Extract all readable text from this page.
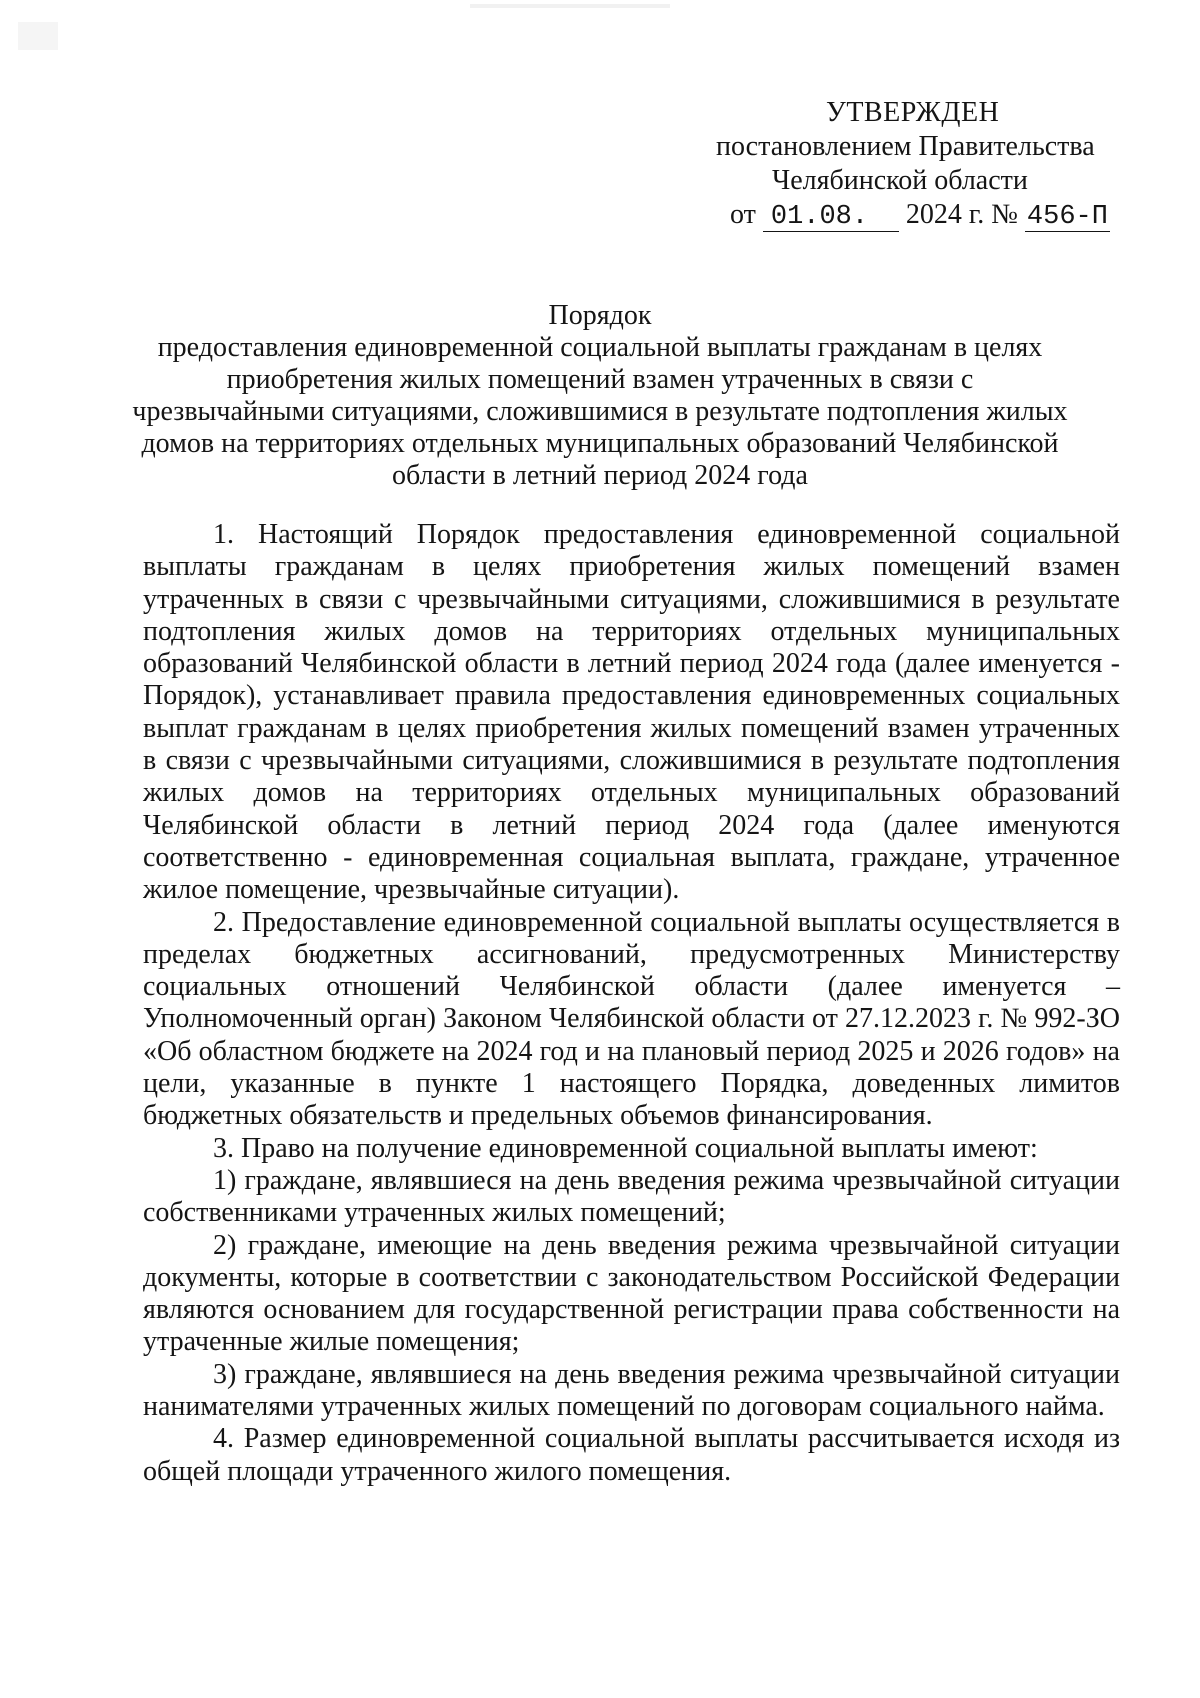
УТВЕРЖДЕН
постановлением Правительства
Челябинской области
от 01.08. 2024 г. № 456-П
Порядок
предоставления единовременной социальной выплаты гражданам в целях приобретения жилых помещений взамен утраченных в связи с чрезвычайными ситуациями, сложившимися в результате подтопления жилых домов на территориях отдельных муниципальных образований Челябинской области в летний период 2024 года

1. Настоящий Порядок предоставления единовременной социальной выплаты гражданам в целях приобретения жилых помещений взамен утраченных в связи с чрезвычайными ситуациями, сложившимися в результате подтопления жилых домов на территориях отдельных муниципальных образований Челябинской области в летний период 2024 года (далее именуется - Порядок), устанавливает правила предоставления единовременных социальных выплат гражданам в целях приобретения жилых помещений взамен утраченных в связи с чрезвычайными ситуациями, сложившимися в результате подтопления жилых домов на территориях отдельных муниципальных образований Челябинской области в летний период 2024 года (далее именуются соответственно - единовременная социальная выплата, граждане, утраченное жилое помещение, чрезвычайные ситуации).

2. Предоставление единовременной социальной выплаты осуществляется в пределах бюджетных ассигнований, предусмотренных Министерству социальных отношений Челябинской области (далее именуется – Уполномоченный орган) Законом Челябинской области от 27.12.2023 г. № 992-ЗО «Об областном бюджете на 2024 год и на плановый период 2025 и 2026 годов» на цели, указанные в пункте 1 настоящего Порядка, доведенных лимитов бюджетных обязательств и предельных объемов финансирования.

3. Право на получение единовременной социальной выплаты имеют:

1) граждане, являвшиеся на день введения режима чрезвычайной ситуации собственниками утраченных жилых помещений;

2) граждане, имеющие на день введения режима чрезвычайной ситуации документы, которые в соответствии с законодательством Российской Федерации являются основанием для государственной регистрации права собственности на утраченные жилые помещения;

3) граждане, являвшиеся на день введения режима чрезвычайной ситуации нанимателями утраченных жилых помещений по договорам социального найма.

4. Размер единовременной социальной выплаты рассчитывается исходя из общей площади утраченного жилого помещения.
